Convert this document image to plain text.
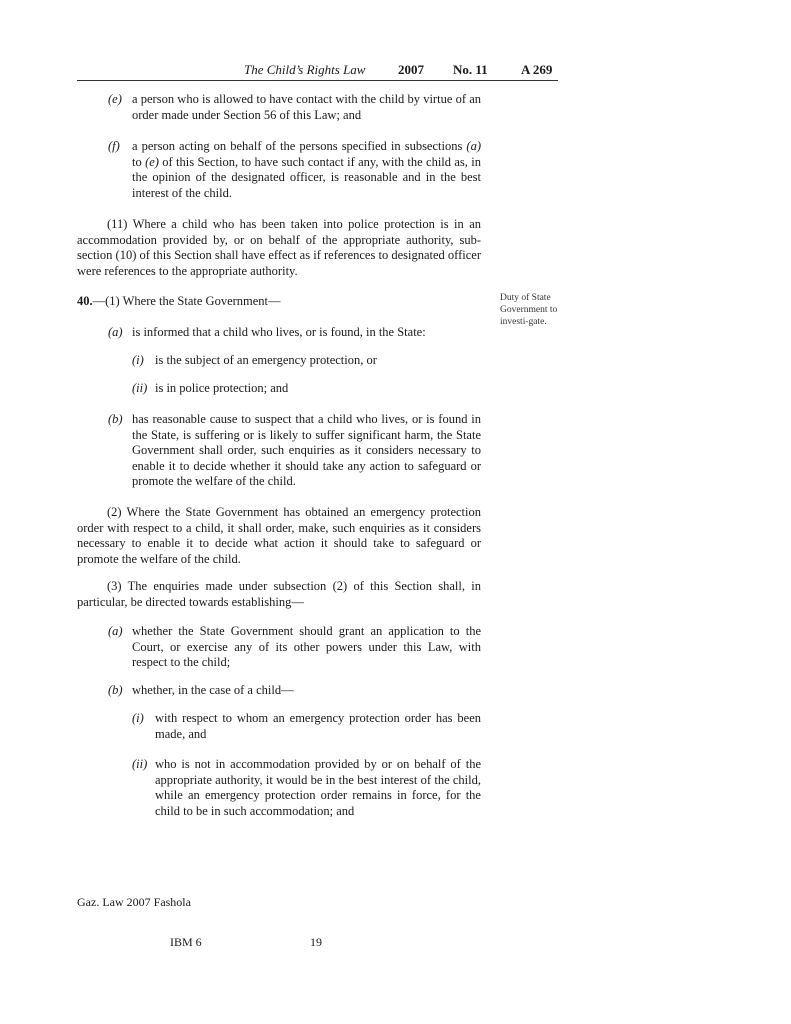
The Child’s Rights Law	2007 No. 11	A 269
(e) a person who is allowed to have contact with the child by virtue of an order made under Section 56 of this Law; and
(f) a person acting on behalf of the persons specified in subsections (a) to (e) of this Section, to have such contact if any, with the child as, in the opinion of the designated officer, is reasonable and in the best interest of the child.
(11) Where a child who has been taken into police protection is in an accommodation provided by, or on behalf of the appropriate authority, sub-section (10) of this Section shall have effect as if references to designated officer were references to the appropriate authority.
40.—(1) Where the State Government—	Duty of State Government to investi-gate.
(a) is informed that a child who lives, or is found, in the State:
(i) is the subject of an emergency protection, or
(ii) is in police protection; and
(b) has reasonable cause to suspect that a child who lives, or is found in the State, is suffering or is likely to suffer significant harm, the State Government shall order, such enquiries as it considers necessary to enable it to decide whether it should take any action to safeguard or promote the welfare of the child.
(2) Where the State Government has obtained an emergency protection order with respect to a child, it shall order, make, such enquiries as it considers necessary to enable it to decide what action it should take to safeguard or promote the welfare of the child.
(3) The enquiries made under subsection (2) of this Section shall, in particular, be directed towards establishing—
(a) whether the State Government should grant an application to the Court, or exercise any of its other powers under this Law, with respect to the child;
(b) whether, in the case of a child—
(i) with respect to whom an emergency protection order has been made, and
(ii) who is not in accommodation provided by or on behalf of the appropriate authority, it would be in the best interest of the child, while an emergency protection order remains in force, for the child to be in such accommodation; and
Gaz. Law 2007 Fashola
IBM 6	19
